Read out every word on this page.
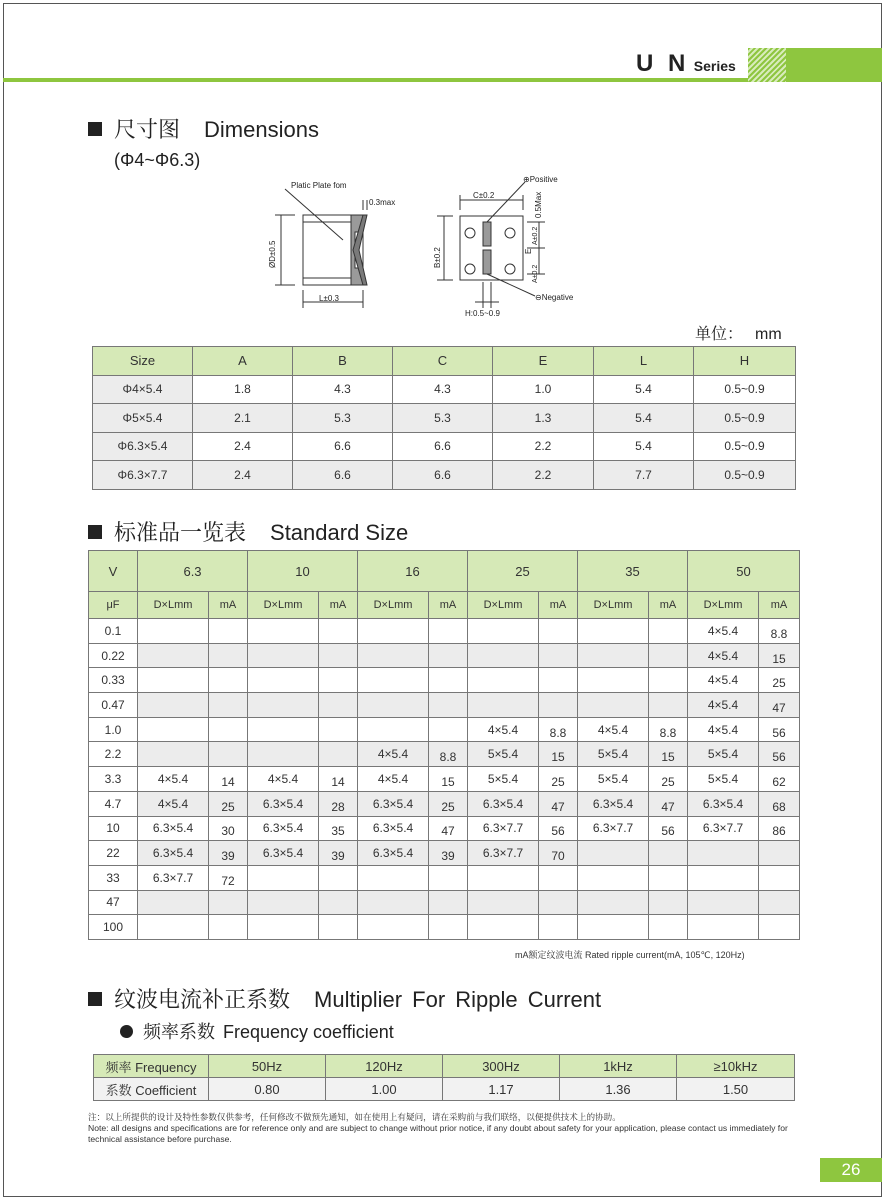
U N Series
尺寸图 Dimensions
(Φ4~Φ6.3)
Platic Plate fom
0.3max
ØD±0.5
L±0.3
C±0.2
B±0.2
A±0.2
A±0.2
E
0.5Max
H:0.5~0.9
⊕Positive
⊖Negative
单位： mm
Size	A	B	C	E	L	H
Φ4×5.4	1.8	4.3	4.3	1.0	5.4	0.5~0.9
Φ5×5.4	2.1	5.3	5.3	1.3	5.4	0.5~0.9
Φ6.3×5.4	2.4	6.6	6.6	2.2	5.4	0.5~0.9
Φ6.3×7.7	2.4	6.6	6.6	2.2	7.7	0.5~0.9
标准品一览表 Standard Size
V	6.3		10		16		25		35		50	
μF	D×Lmm	mA	D×Lmm	mA	D×Lmm	mA	D×Lmm	mA	D×Lmm	mA	D×Lmm	mA
0.1											4×5.4	8.8
0.22											4×5.4	15
0.33											4×5.4	25
0.47											4×5.4	47
1.0							4×5.4	8.8	4×5.4	8.8	4×5.4	56
2.2					4×5.4	8.8	5×5.4	15	5×5.4	15	5×5.4	56
3.3	4×5.4	14	4×5.4	14	4×5.4	15	5×5.4	25	5×5.4	25	5×5.4	62
4.7	4×5.4	25	6.3×5.4	28	6.3×5.4	25	6.3×5.4	47	6.3×5.4	47	6.3×5.4	68
10	6.3×5.4	30	6.3×5.4	35	6.3×5.4	47	6.3×7.7	56	6.3×7.7	56	6.3×7.7	86
22	6.3×5.4	39	6.3×5.4	39	6.3×5.4	39	6.3×7.7	70				
33	6.3×7.7	72										
47												
100												
mA额定纹波电流 Rated ripple current(mA, 105℃, 120Hz)
纹波电流补正系数 Multiplier For Ripple Current
频率系数 Frequency coefficient
频率 Frequency	50Hz	120Hz	300Hz	1kHz	≥10kHz
系数 Coefficient	0.80	1.00	1.17	1.36	1.50
注：以上所提供的设计及特性参数仅供参考，任何修改不做预先通知，如在使用上有疑问，请在采购前与我们联络，以便提供技术上的协助。
Note: all designs and specifications are for reference only and are subject to change without prior notice, if any doubt about safety for your application, please contact us immediately for technical assistance before purchase.
26
